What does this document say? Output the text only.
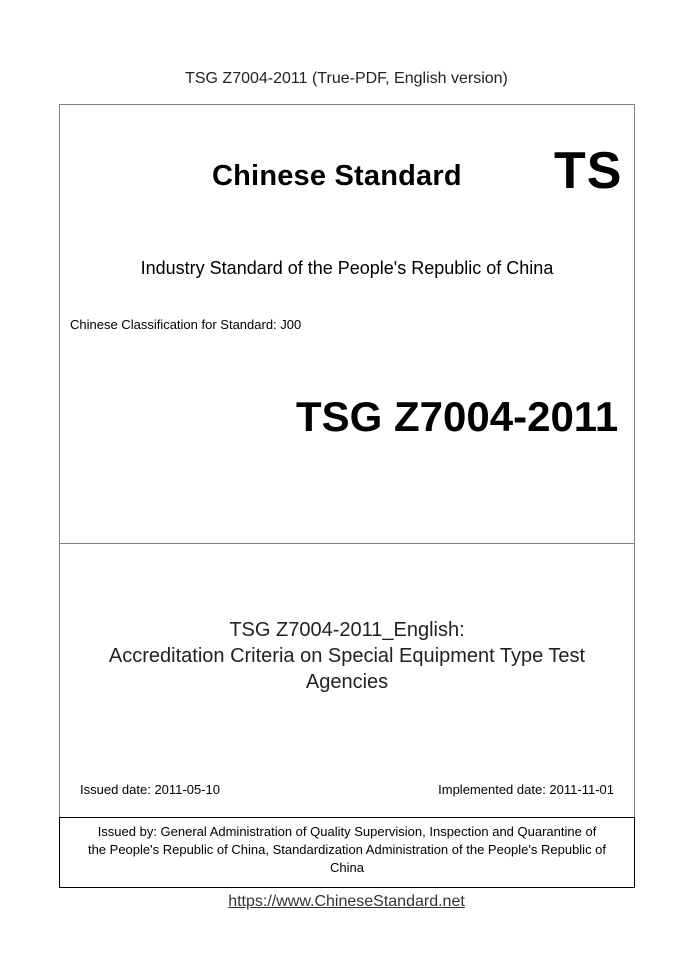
TSG Z7004-2011 (True-PDF, English version)
Chinese Standard TS
Industry Standard of the People's Republic of China
Chinese Classification for Standard: J00
TSG Z7004-2011
TSG Z7004-2011_English:
Accreditation Criteria on Special Equipment Type Test
Agencies
Issued date: 2011-05-10	Implemented date: 2011-11-01
Issued by: General Administration of Quality Supervision, Inspection and Quarantine of
the People's Republic of China, Standardization Administration of the People's Republic of
China
https://www.ChineseStandard.net
